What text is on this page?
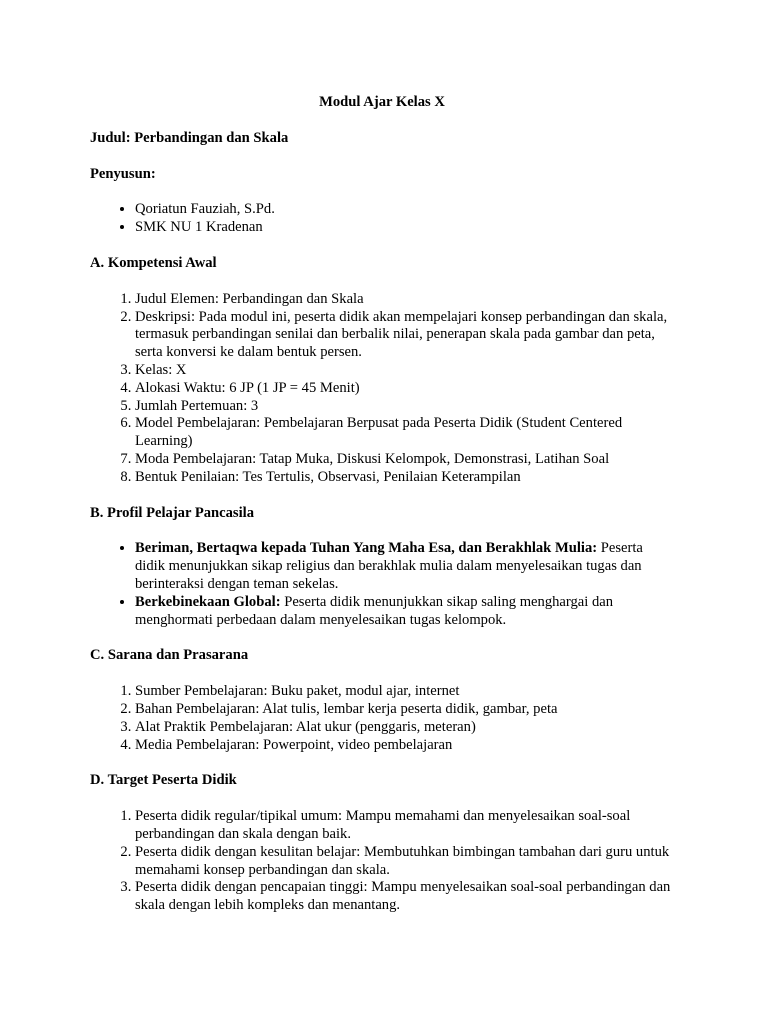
Modul Ajar Kelas X
Judul: Perbandingan dan Skala
Penyusun:
• Qoriatun Fauziah, S.Pd.
• SMK NU 1 Kradenan
A. Kompetensi Awal
1. Judul Elemen: Perbandingan dan Skala
2. Deskripsi: Pada modul ini, peserta didik akan mempelajari konsep perbandingan dan skala, termasuk perbandingan senilai dan berbalik nilai, penerapan skala pada gambar dan peta, serta konversi ke dalam bentuk persen.
3. Kelas: X
4. Alokasi Waktu: 6 JP (1 JP = 45 Menit)
5. Jumlah Pertemuan: 3
6. Model Pembelajaran: Pembelajaran Berpusat pada Peserta Didik (Student Centered Learning)
7. Moda Pembelajaran: Tatap Muka, Diskusi Kelompok, Demonstrasi, Latihan Soal
8. Bentuk Penilaian: Tes Tertulis, Observasi, Penilaian Keterampilan
B. Profil Pelajar Pancasila
• Beriman, Bertaqwa kepada Tuhan Yang Maha Esa, dan Berakhlak Mulia: Peserta didik menunjukkan sikap religius dan berakhlak mulia dalam menyelesaikan tugas dan berinteraksi dengan teman sekelas.
• Berkebinekaan Global: Peserta didik menunjukkan sikap saling menghargai dan menghormati perbedaan dalam menyelesaikan tugas kelompok.
C. Sarana dan Prasarana
1. Sumber Pembelajaran: Buku paket, modul ajar, internet
2. Bahan Pembelajaran: Alat tulis, lembar kerja peserta didik, gambar, peta
3. Alat Praktik Pembelajaran: Alat ukur (penggaris, meteran)
4. Media Pembelajaran: Powerpoint, video pembelajaran
D. Target Peserta Didik
1. Peserta didik regular/tipikal umum: Mampu memahami dan menyelesaikan soal-soal perbandingan dan skala dengan baik.
2. Peserta didik dengan kesulitan belajar: Membutuhkan bimbingan tambahan dari guru untuk memahami konsep perbandingan dan skala.
3. Peserta didik dengan pencapaian tinggi: Mampu menyelesaikan soal-soal perbandingan dan skala dengan lebih kompleks dan menantang.
